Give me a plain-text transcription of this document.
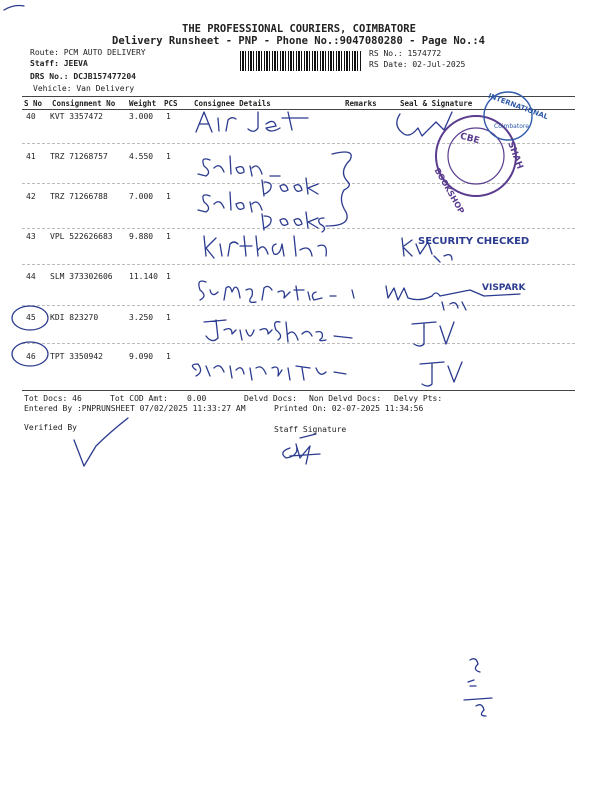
THE PROFESSIONAL COURIERS, COIMBATORE
Delivery Runsheet - PNP - Phone No.:9047080280 - Page No.:4
Route: PCM AUTO DELIVERY
Staff: JEEVA
DRS No.: DCJB157477204
Vehicle: Van Delivery
RS No.: 1574772
RS Date: 02-Jul-2025
S No Consignment No Weight PCS Consignee Details	Remarks	Seal & Signature
40 KVT 3357472	3.000 1
41 TRZ 71268757	4.550 1
42 TRZ 71266788	7.000 1
43 VPL 522626683 9.880 1
44 SLM 373302606 11.140 1
45 KDI 823270	3.250 1
46 TPT 3350942	9.090 1
Tot Docs: 46	Tot COD Amt: 0.00	Delvd Docs: Non Delvd Docs: Delvy Pts:
Entered By :PNPRUNSHEET 07/02/2025 11:33:27 AM	Printed On: 02-07-2025 11:34:56
Verified By	Staff Signature
CBE
BOOKSHOP
SHAH
INTERNATIONAL
Coimbatore
SECURITY CHECKED
VISPARK
